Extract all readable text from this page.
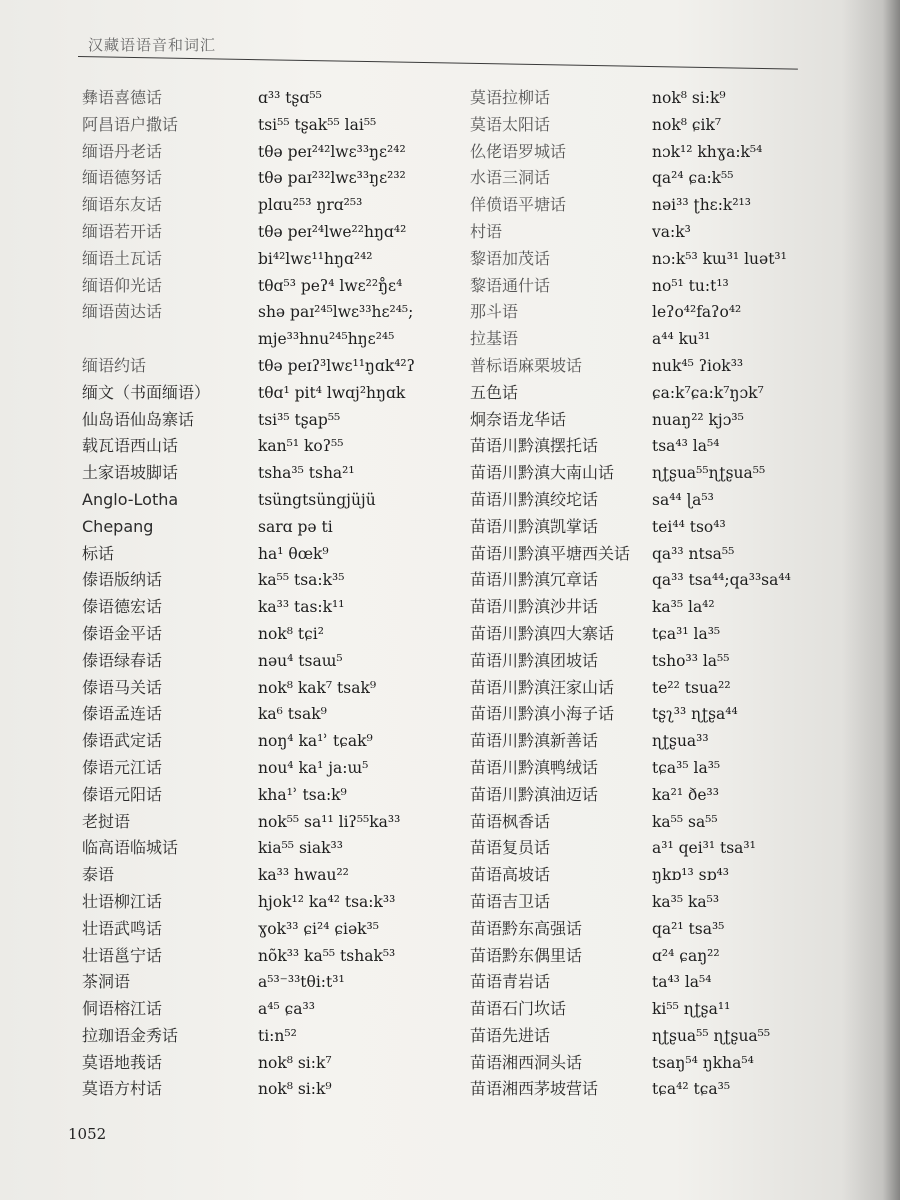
汉藏语语音和词汇
彝语喜德话
阿昌语户撒话
缅语丹老话
缅语德努话
缅语东友话
缅语若开话
缅语土瓦话
缅语仰光话
缅语茵达话
缅语约话
缅文（书面缅语）
仙岛语仙岛寨话
载瓦语西山话
土家语坡脚话
Anglo-Lotha
Chepang
标话
傣语版纳话
傣语德宏话
傣语金平话
傣语绿春话
傣语马关话
傣语孟连话
傣语武定话
傣语元江话
傣语元阳话
老挝语
临高语临城话
泰语
壮语柳江话
壮语武鸣话
壮语邕宁话
茶洞语
侗语榕江话
拉珈语金秀话
莫语地莪话
莫语方村话
ɑ³³ tʂɑ⁵⁵
tsi⁵⁵ tʂak⁵⁵ lai⁵⁵
tθə peɪ²⁴²lwɛ³³ŋɛ²⁴²
tθə paɪ²³²lwɛ³³ŋɛ²³²
plɑu²⁵³ ŋrɑ²⁵³
tθə peɪ²⁴lwe²²hŋɑ⁴²
bi⁴²lwɛ¹¹hŋɑ²⁴²
tθɑ⁵³ peʔ⁴ lwɛ²²ŋ̊ɛ⁴
shə paɪ²⁴⁵lwɛ³³hɛ²⁴⁵;
mje³³hnu²⁴⁵hŋɛ²⁴⁵
tθə peɪʔ³lwɛ¹¹ŋɑk⁴²ʔ
tθɑ¹ pit⁴ lwɑj²hŋɑk
tsi³⁵ tʂap⁵⁵
kan⁵¹ koʔ⁵⁵
tsha³⁵ tsha²¹
tsüngtsüngjüjü
sarɑ pə ti
ha¹ θœk⁹
ka⁵⁵ tsa:k³⁵
ka³³ tas:k¹¹
nok⁸ tɕi²
nəu⁴ tsaɯ⁵
nok⁸ kak⁷ tsak⁹
ka⁶ tsak⁹
noŋ⁴ ka¹ʾ tɕak⁹
nou⁴ ka¹ ja:ɯ⁵
kha¹ʾ tsa:k⁹
nok⁵⁵ sa¹¹ liʔ⁵⁵ka³³
kia⁵⁵ siak³³
ka³³ hwau²²
hjok¹² ka⁴² tsa:k³³
ɣok³³ ɕi²⁴ ɕiək³⁵
nõk³³ ka⁵⁵ tshak⁵³
a⁵³⁻³³tθi:t³¹
a⁴⁵ ɕa³³
ti:n⁵²
nok⁸ si:k⁷
nok⁸ si:k⁹
莫语拉柳话
莫语太阳话
仫佬语罗城话
水语三洞话
佯偾语平塘话
村语
黎语加茂话
黎语通什话
那斗语
拉基语
普标语麻栗坡话
五色话
炯奈语龙华话
苗语川黔滇摆托话
苗语川黔滇大南山话
苗语川黔滇绞坨话
苗语川黔滇凯掌话
苗语川黔滇平塘西关话
苗语川黔滇冗章话
苗语川黔滇沙井话
苗语川黔滇四大寨话
苗语川黔滇团坡话
苗语川黔滇汪家山话
苗语川黔滇小海子话
苗语川黔滇新善话
苗语川黔滇鸭绒话
苗语川黔滇油迈话
苗语枫香话
苗语复员话
苗语高坡话
苗语吉卫话
苗语黔东高强话
苗语黔东偶里话
苗语青岩话
苗语石门坎话
苗语先进话
苗语湘西洞头话
苗语湘西茅坡营话
nok⁸ si:k⁹
nok⁸ ɕik⁷
nɔk¹² khɣa:k⁵⁴
qa²⁴ ɕa:k⁵⁵
nəi³³ ʈhɛ:k²¹³
va:k³
nɔ:k⁵³ kɯ³¹ luət³¹
no⁵¹ tu:t¹³
leʔo⁴²faʔo⁴²
a⁴⁴ ku³¹
nuk⁴⁵ ʔiok³³
ɕa:k⁷ɕa:k⁷ŋɔk⁷
nuaŋ²² kjɔ³⁵
tsa⁴³ la⁵⁴
ɳʈʂua⁵⁵ɳʈʂua⁵⁵
sa⁴⁴ ɭa⁵³
tei⁴⁴ tso⁴³
qa³³ ntsa⁵⁵
qa³³ tsa⁴⁴;qa³³sa⁴⁴
ka³⁵ la⁴²
tɕa³¹ la³⁵
tsho³³ la⁵⁵
te²² tsua²²
tʂʅ³³ ɳʈʂa⁴⁴
ɳʈʂua³³
tɕa³⁵ la³⁵
ka²¹ ðe³³
ka⁵⁵ sa⁵⁵
a³¹ qei³¹ tsa³¹
ŋkɒ¹³ sɒ⁴³
ka³⁵ ka⁵³
qa²¹ tsa³⁵
ɑ²⁴ ɕaŋ²²
ta⁴³ la⁵⁴
ki⁵⁵ ɳʈʂa¹¹
ɳʈʂua⁵⁵ ɳʈʂua⁵⁵
tsaŋ⁵⁴ ŋkha⁵⁴
tɕa⁴² tɕa³⁵
1052
